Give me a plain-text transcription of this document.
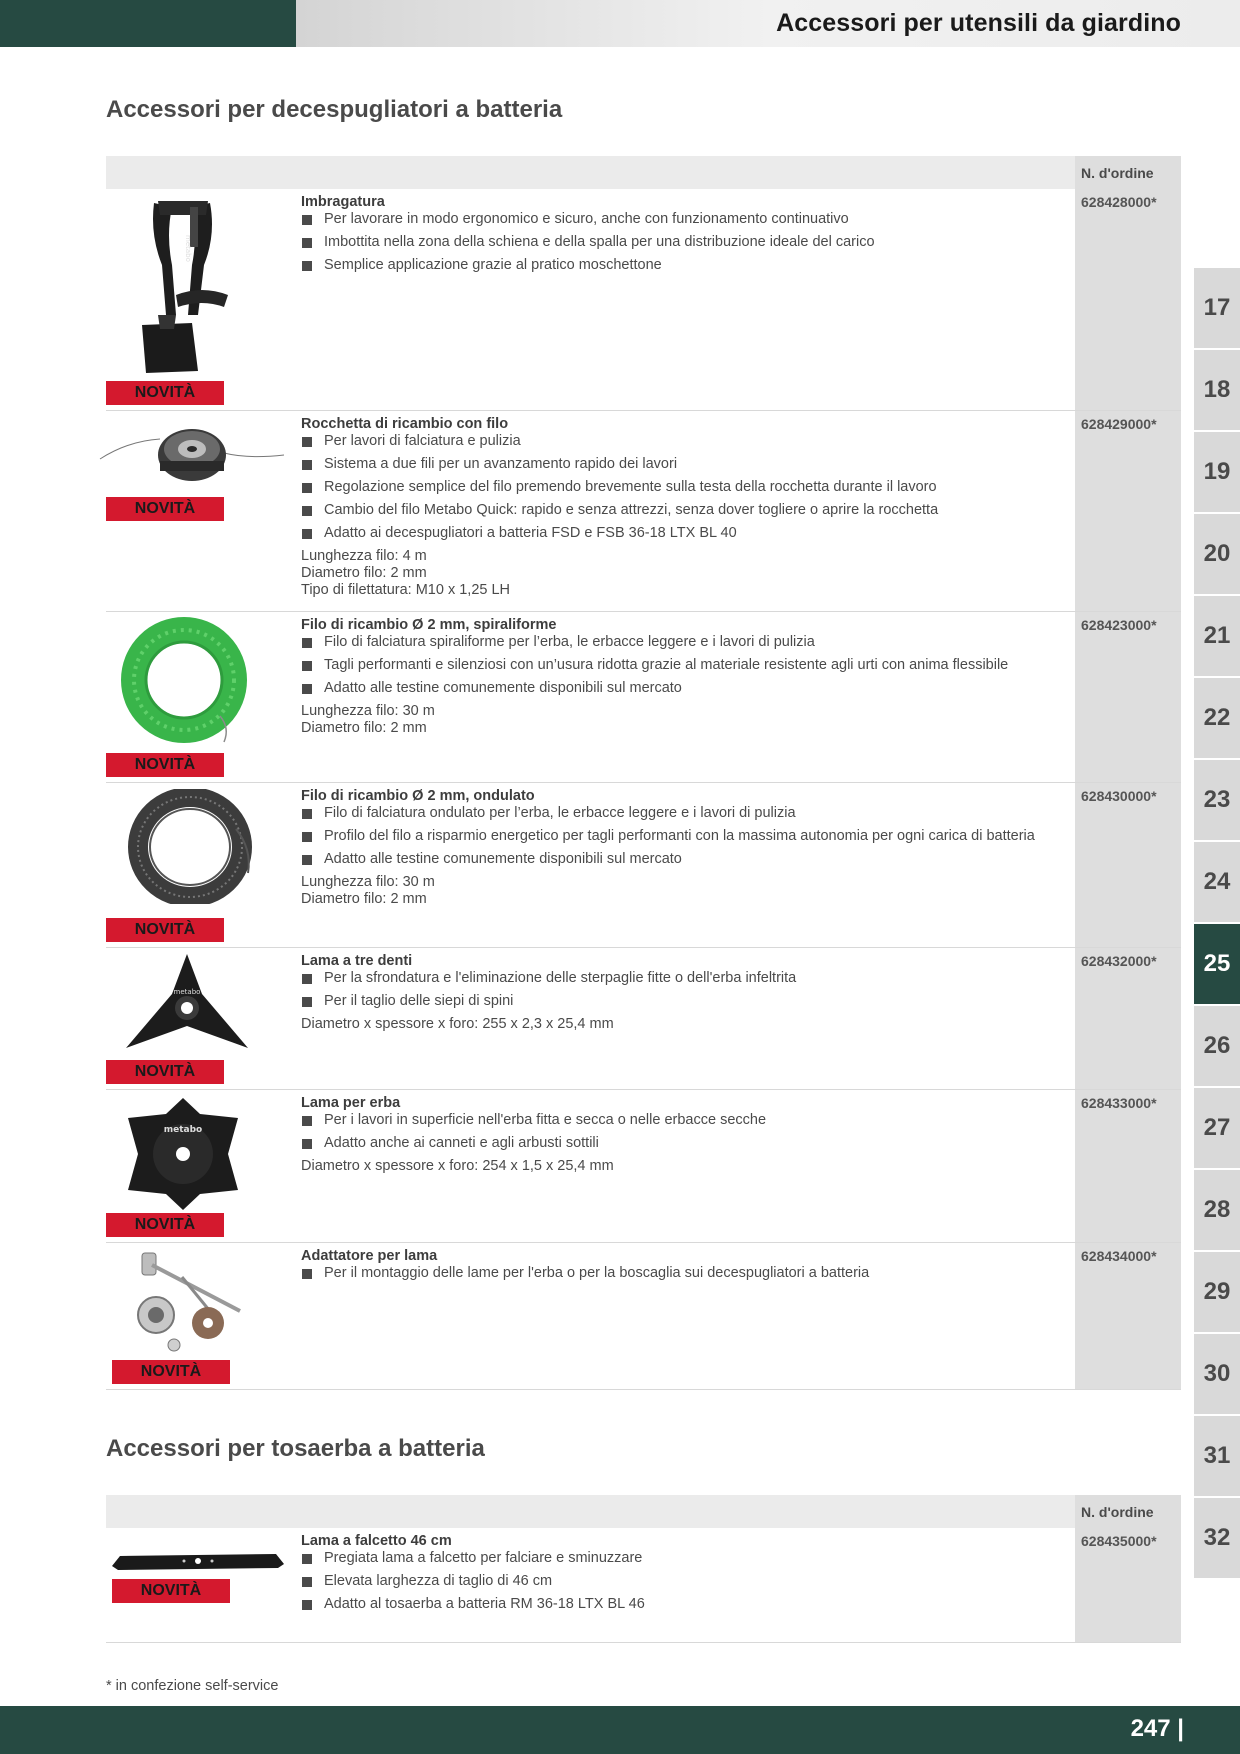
Accessori per utensili da giardino
Accessori per decespugliatori a batteria
N. d'ordine
metabo
NOVITÀ
Imbragatura
Per lavorare in modo ergonomico e sicuro, anche con funzionamento continuativo
Imbottita nella zona della schiena e della spalla per una distribuzione ideale del carico
Semplice applicazione grazie al pratico moschettone
628428000*
NOVITÀ
Rocchetta di ricambio con filo
Per lavori di falciatura e pulizia
Sistema a due fili per un avanzamento rapido dei lavori
Regolazione semplice del filo premendo brevemente sulla testa della rocchetta durante il lavoro
Cambio del filo Metabo Quick: rapido e senza attrezzi, senza dover togliere o aprire la rocchetta
Adatto ai decespugliatori a batteria FSD e FSB 36-18 LTX BL 40
Lunghezza filo: 4 m
Diametro filo: 2 mm
Tipo di filettatura: M10 x 1,25 LH
628429000*
NOVITÀ
Filo di ricambio Ø 2 mm, spiraliforme
Filo di falciatura spiraliforme per l’erba, le erbacce leggere e i lavori di pulizia
Tagli performanti e silenziosi con un’usura ridotta grazie al materiale resistente agli urti con anima flessibile
Adatto alle testine comunemente disponibili sul mercato
Lunghezza filo: 30 m
Diametro filo: 2 mm
628423000*
NOVITÀ
Filo di ricambio Ø 2 mm, ondulato
Filo di falciatura ondulato per l’erba, le erbacce leggere e i lavori di pulizia
Profilo del filo a risparmio energetico per tagli performanti con la massima autonomia per ogni carica di batteria
Adatto alle testine comunemente disponibili sul mercato
Lunghezza filo: 30 m
Diametro filo: 2 mm
628430000*
metabo
NOVITÀ
Lama a tre denti
Per la sfrondatura e l'eliminazione delle sterpaglie fitte o dell'erba infeltrita
Per il taglio delle siepi di spini
Diametro x spessore x foro: 255 x 2,3 x 25,4 mm
628432000*
metabo
NOVITÀ
Lama per erba
Per i lavori in superficie nell'erba fitta e secca o nelle erbacce secche
Adatto anche ai canneti e agli arbusti sottili
Diametro x spessore x foro: 254 x 1,5 x 25,4 mm
628433000*
NOVITÀ
Adattatore per lama
Per il montaggio delle lame per l'erba o per la boscaglia sui decespugliatori a batteria
628434000*
Accessori per tosaerba a batteria
N. d'ordine
NOVITÀ
Lama a falcetto 46 cm
Pregiata lama a falcetto per falciare e sminuzzare
Elevata larghezza di taglio di 46 cm
Adatto al tosaerba a batteria RM 36-18 LTX BL 46
628435000*
17
18
19
20
21
22
23
24
25
26
27
28
29
30
31
32
* in confezione self-service
247 |
